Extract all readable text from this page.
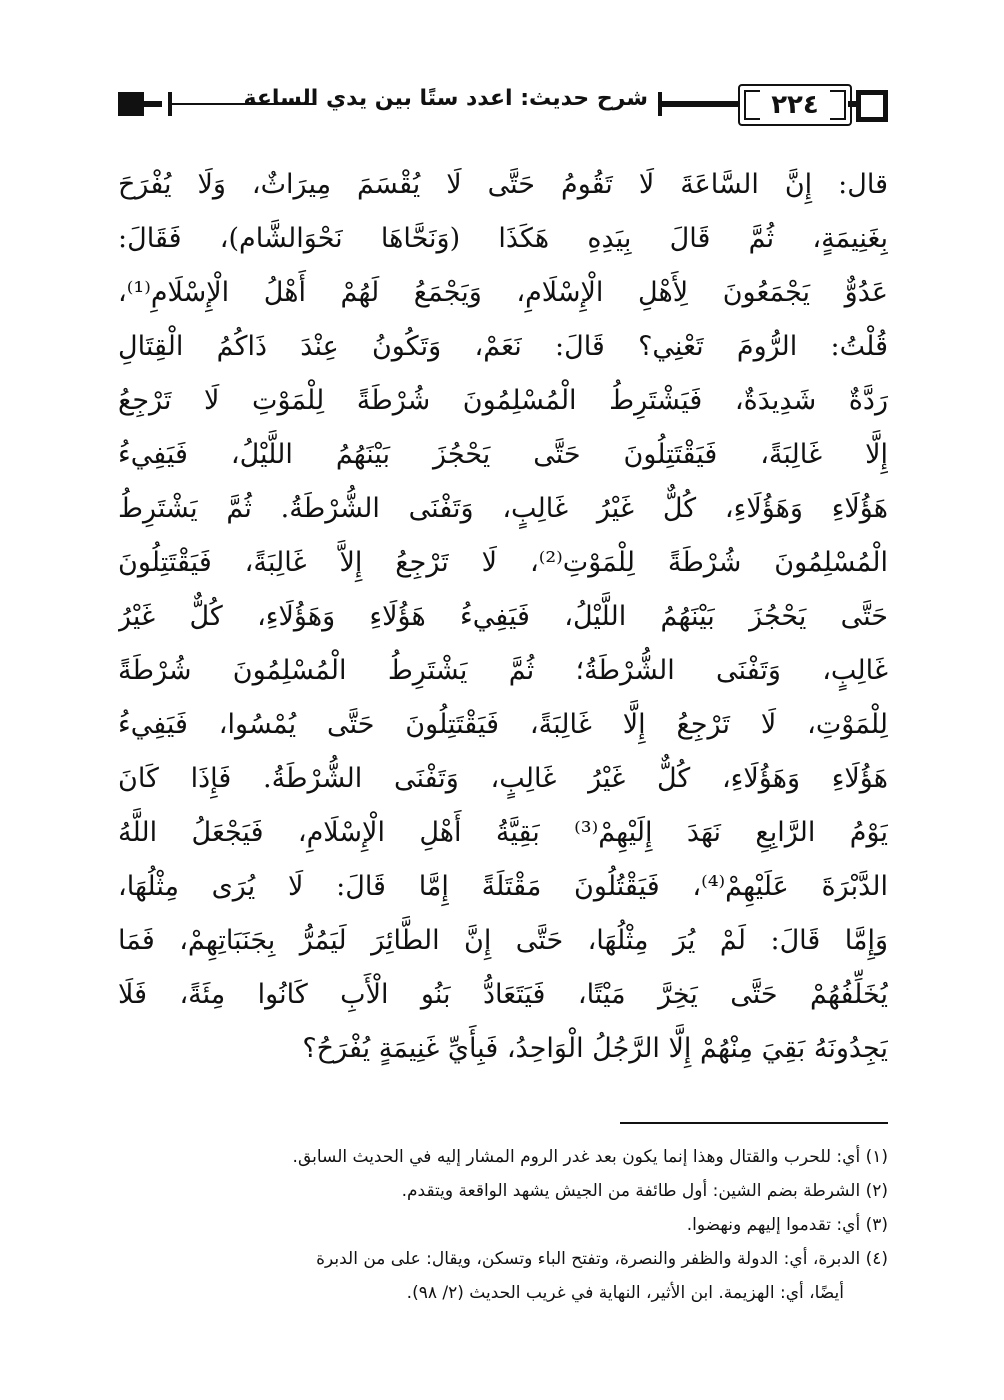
شرح حديث: اعدد ستًا بين يدي الساعة	٢٢٤
قال: إِنَّ السَّاعَةَ لَا تَقُومُ حَتَّى لَا يُقْسَمَ مِيرَاثٌ، وَلَا يُفْرَحَ
بِغَنِيمَةٍ، ثُمَّ قَالَ بِيَدِهِ هَكَذَا (وَنَحَّاهَا نَحْوَالشَّام)، فَقَالَ:
عَدُوٌّ يَجْمَعُونَ لِأَهْلِ الْإِسْلَامِ، وَيَجْمَعُ لَهُمْ أَهْلُ الْإِسْلَامِ⁽¹⁾،
قُلْتُ: الرُّومَ تَعْنِي؟ قَالَ: نَعَمْ، وَتَكُونُ عِنْدَ ذَاكُمُ الْقِتَالِ
رَدَّةٌ شَدِيدَةٌ، فَيَشْتَرِطُ الْمُسْلِمُونَ شُرْطَةً لِلْمَوْتِ لَا تَرْجِعُ
إِلَّا غَالِبَةً، فَيَقْتَتِلُونَ حَتَّى يَحْجُزَ بَيْنَهُمُ اللَّيْلُ، فَيَفِيءُ
هَؤُلَاءِ وَهَؤُلَاءِ، كُلٌّ غَيْرُ غَالِبٍ، وَتَفْنَى الشُّرْطَةُ. ثُمَّ يَشْتَرِطُ
الْمُسْلِمُونَ شُرْطَةً لِلْمَوْتِ⁽²⁾، لَا تَرْجِعُ إِلاَّ غَالِبَةً، فَيَقْتَتِلُونَ
حَتَّى يَحْجُزَ بَيْنَهُمُ اللَّيْلُ، فَيَفِيءُ هَؤُلَاءِ وَهَؤُلَاءِ، كُلٌّ غَيْرُ
غَالِبٍ، وَتَفْنَى الشُّرْطَةُ؛ ثُمَّ يَشْتَرِطُ الْمُسْلِمُونَ شُرْطَةً
لِلْمَوْتِ، لَا تَرْجِعُ إِلَّا غَالِبَةً، فَيَقْتَتِلُونَ حَتَّى يُمْسُوا، فَيَفِيءُ
هَؤُلَاءِ وَهَؤُلَاءِ، كُلٌّ غَيْرُ غَالِبٍ، وَتَفْنَى الشُّرْطَةُ. فَإِذَا كَانَ
يَوْمُ الرَّابِعِ نَهَدَ إِلَيْهِمْ⁽³⁾ بَقِيَّةُ أَهْلِ الْإِسْلَامِ، فَيَجْعَلُ اللَّهُ
الدَّبْرَةَ عَلَيْهِمْ⁽⁴⁾، فَيَقْتُلُونَ مَقْتَلَةً إِمَّا قَالَ: لَا يُرَى مِثْلُهَا،
وَإِمَّا قَالَ: لَمْ يُرَ مِثْلُهَا، حَتَّى إِنَّ الطَّائِرَ لَيَمُرُّ بِجَنَبَاتِهِمْ، فَمَا
يُخَلِّفُهُمْ حَتَّى يَخِرَّ مَيْتًا، فَيَتَعَادُّ بَنُو الْأَبِ كَانُوا مِئَةً، فَلَا
يَجِدُونَهُ بَقِيَ مِنْهُمْ إِلَّا الرَّجُلُ الْوَاحِدُ، فَبِأَيِّ غَنِيمَةٍ يُفْرَحُ؟
(١) أي: للحرب والقتال وهذا إنما يكون بعد غدر الروم المشار إليه في الحديث السابق.
(٢) الشرطة بضم الشين: أول طائفة من الجيش يشهد الواقعة ويتقدم.
(٣) أي: تقدموا إليهم ونهضوا.
(٤) الدبرة، أي: الدولة والظفر والنصرة، وتفتح الباء وتسكن، ويقال: على من الدبرة
أيضًا، أي: الهزيمة. ابن الأثير، النهاية في غريب الحديث (٢/ ٩٨).
